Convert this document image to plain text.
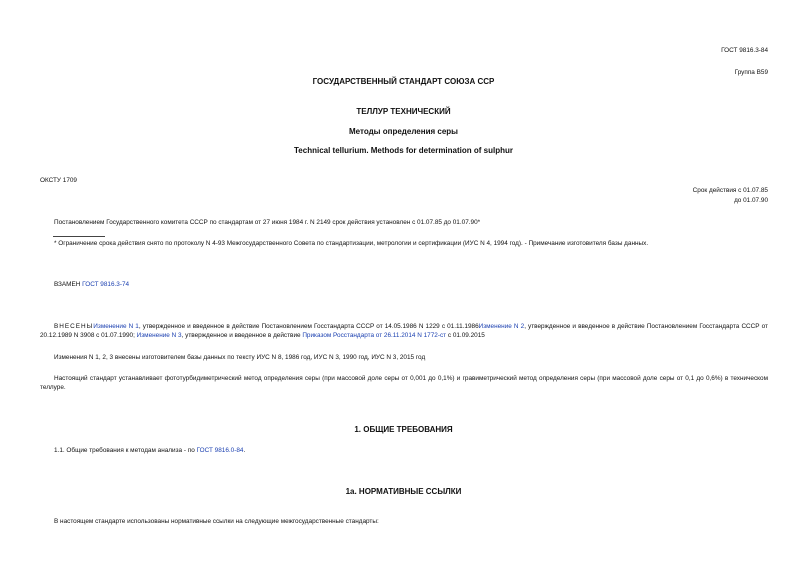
ГОСТ 9816.3-84
Группа В59
ГОСУДАРСТВЕННЫЙ СТАНДАРТ СОЮЗА ССР
ТЕЛЛУР ТЕХНИЧЕСКИЙ
Методы определения серы
Technical tellurium. Methods for determination of sulphur
ОКСТУ 1709
Срок действия с 01.07.85
до 01.07.90
Постановлением Государственного комитета СССР по стандартам от 27 июня 1984 г. N 2149 срок действия установлен с 01.07.85 до 01.07.90*
* Ограничение срока действия снято по протоколу N 4-93 Межгосударственного Совета по стандартизации, метрологии и сертификации (ИУС N 4, 1994 год). - Примечание изготовителя базы данных.
ВЗАМЕН ГОСТ 9816.3-74
ВНЕСЕНЫИзменение N 1, утвержденное и введенное в действие Постановлением Госстандарта СССР от 14.05.1986 N 1229 с 01.11.1986Изменение N 2, утвержденное и введенное в действие Постановлением Госстандарта СССР от 20.12.1989 N 3908 с 01.07.1990; Изменение N 3, утвержденное и введенное в действие Приказом Росстандарта от 26.11.2014 N 1772-ст с 01.09.2015
Изменения N 1, 2, 3 внесены изготовителем базы данных по тексту ИУС N 8, 1986 год, ИУС N 3, 1990 год, ИУС N 3, 2015 год
Настоящий стандарт устанавливает фототурбидиметрический метод определения серы (при массовой доле серы от 0,001 до 0,1%) и гравиметрический метод определения серы (при массовой доле серы от 0,1 до 0,6%) в техническом теллуре.
1. ОБЩИЕ ТРЕБОВАНИЯ
1.1. Общие требования к методам анализа - по ГОСТ 9816.0-84.
1а. НОРМАТИВНЫЕ ССЫЛКИ
В настоящем стандарте использованы нормативные ссылки на следующие межгосударственные стандарты:
